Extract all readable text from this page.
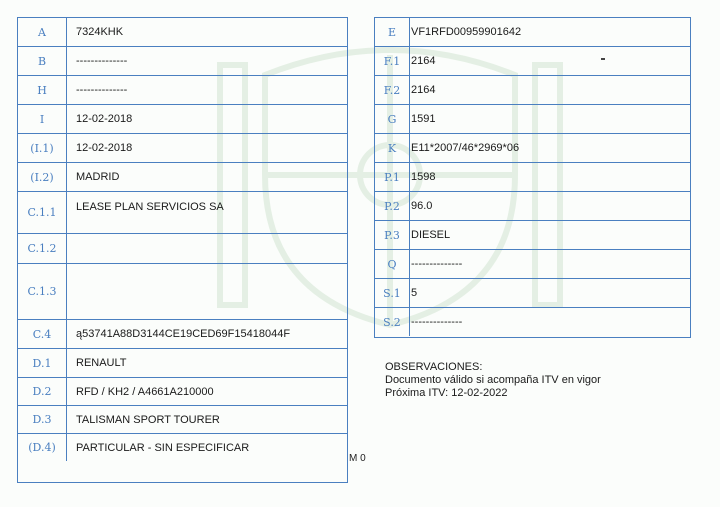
A	7324KHK
B	--------------
H	--------------
I	12-02-2018
(I.1)	12-02-2018
(I.2)	MADRID
C.1.1	LEASE PLAN SERVICIOS SA
C.1.2
C.1.3
C.4	ą53741A88D3144CE19CED69F15418044F
D.1	RENAULT
D.2	RFD / KH2 / A4661A210000
D.3	TALISMAN SPORT TOURER
(D.4)	PARTICULAR - SIN ESPECIFICAR
E	VF1RFD00959901642
F.1 2164
F.2 2164
G	1591
K	E11*2007/46*2969*06
P.1	1598
P.2	96.0
P.3	DIESEL
Q	--------------
S.1 5
S.2 --------------
OBSERVACIONES:
Documento válido si acompaña ITV en vigor
Próxima ITV: 12-02-2022
M 0
